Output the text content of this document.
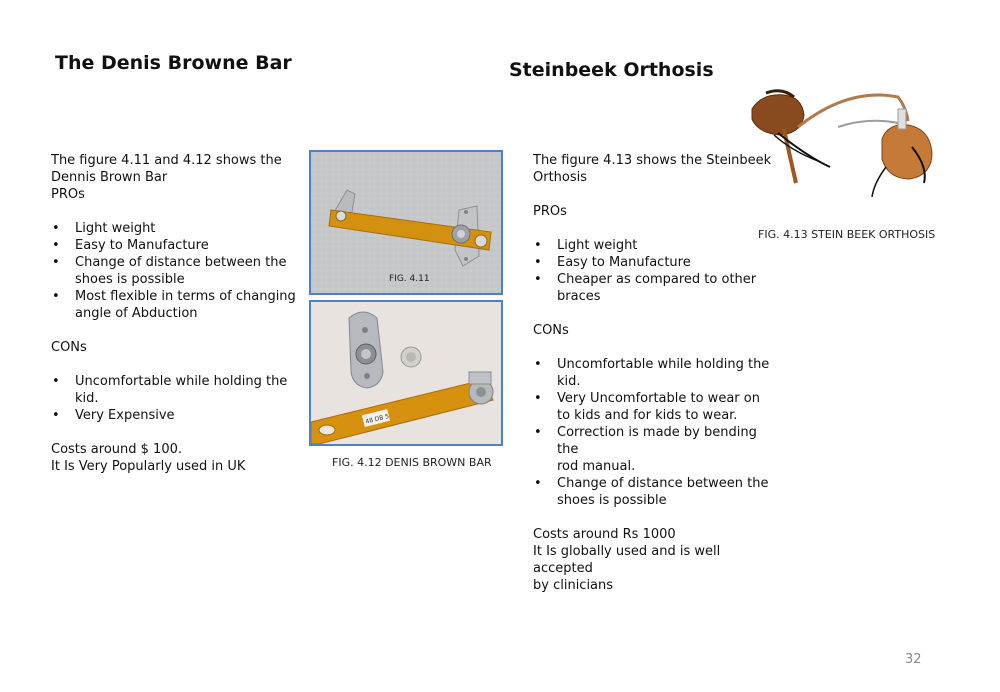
The Denis Browne Bar

The figure 4.11 and 4.12 shows the

Dennis Brown Bar

PROs

• Light weight
• Easy to Manufacture
• Change of distance between the
shoes is possible
• Most flexible in terms of changing
angle of Abduction

CONs

• Uncomfortable while holding the
kid.
• Very Expensive

Costs around $ 100.

It Is Very Popularly used in UK

FIG. 4.11
48 DB 5
FIG. 4.12 DENIS BROWN BAR
Steinbeek Orthosis
FIG. 4.13 STEIN BEEK ORTHOSIS

The figure 4.13 shows the Steinbeek

Orthosis

PROs

• Light weight
• Easy to Manufacture
• Cheaper as compared to other
braces

CONs

• Uncomfortable while holding the
kid.
• Very Uncomfortable to wear on
to kids and for kids to wear.
• Correction is made by bending the
rod manual.
• Change of distance between the
shoes is possible

Costs around Rs 1000

It Is globally used and is well accepted

by clinicians

32
